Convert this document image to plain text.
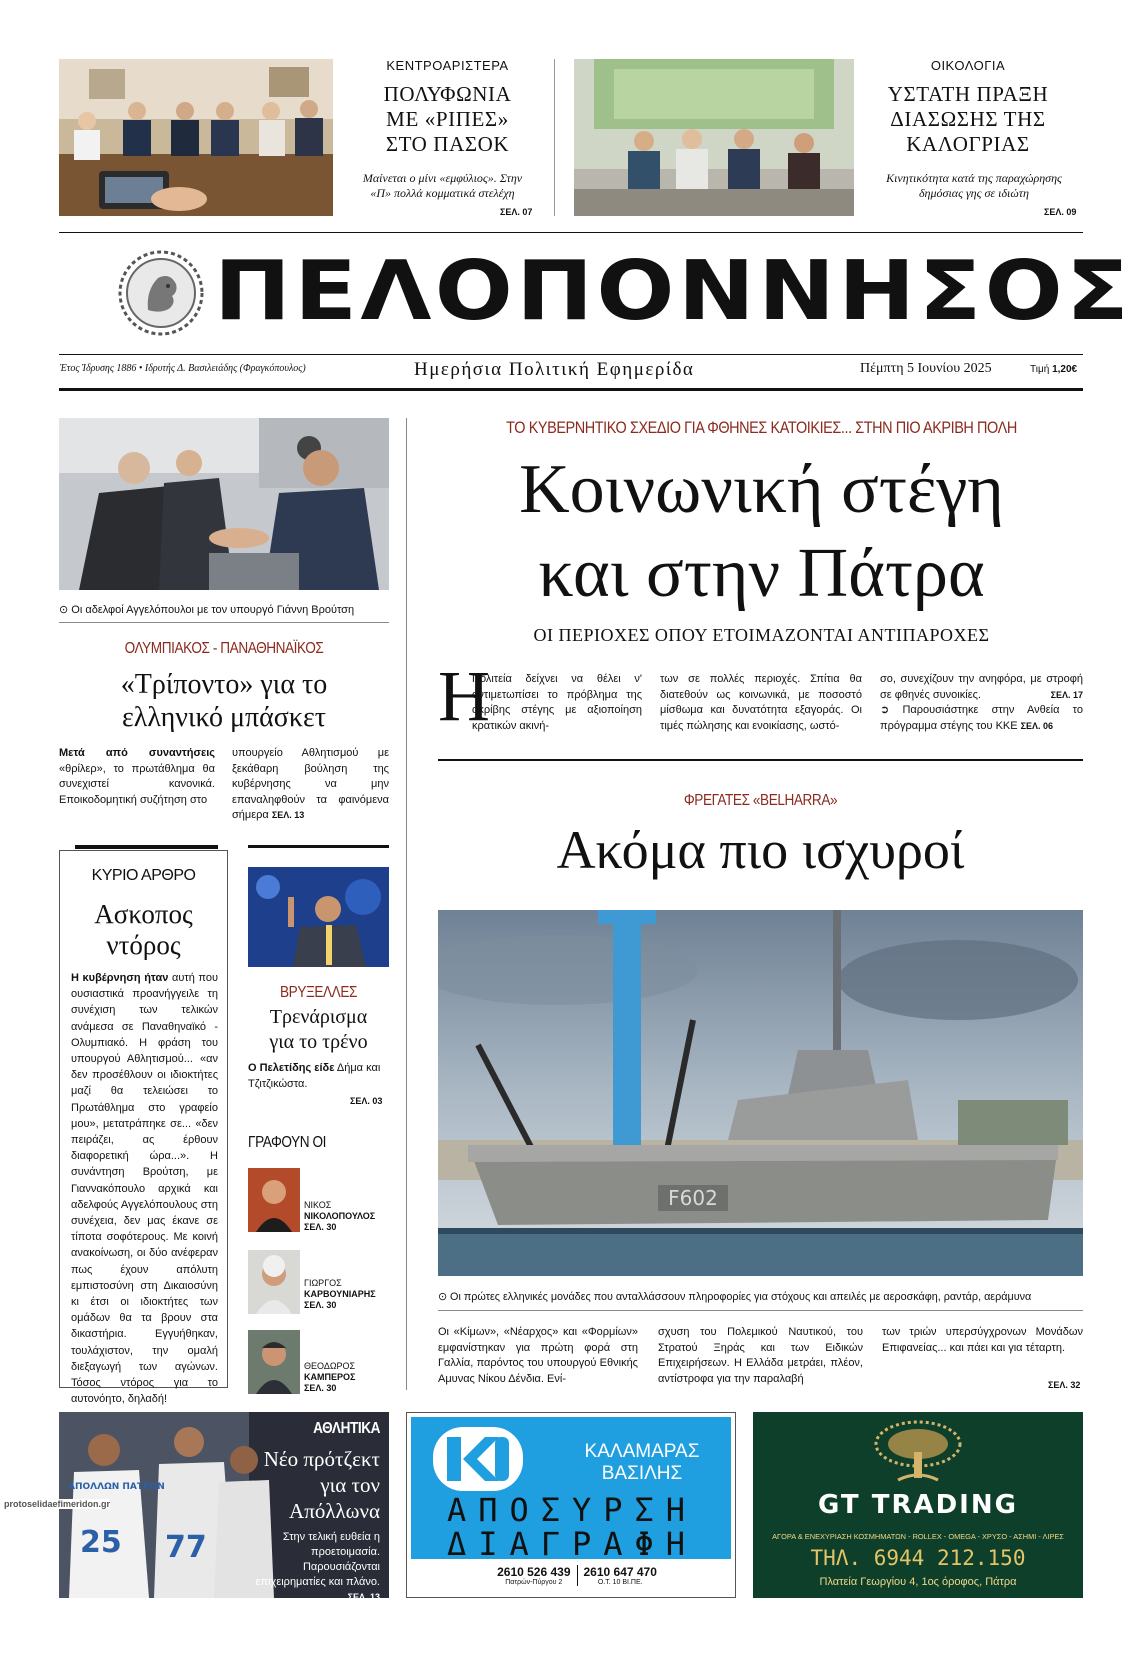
ΚΕΝΤΡΟΑΡΙΣΤΕΡΑ
ΠΟΛΥΦΩΝΙΑ
ΜΕ «ΡΙΠΕΣ»
ΣΤΟ ΠΑΣΟΚ
Μαίνεται ο μίνι «εμφύλιος». Στην
«Π» πολλά κομματικά στελέχη
ΣΕΛ. 07
ΟΙΚΟΛΟΓΙΑ
ΥΣΤΑΤΗ ΠΡΑΞΗ
ΔΙΑΣΩΣΗΣ ΤΗΣ
ΚΑΛΟΓΡΙΑΣ
Κινητικότητα κατά της παραχώρησης
δημόσιας γης σε ιδιώτη
ΣΕΛ. 09
ΠΕΛΟΠΟΝΝΗΣΟΣ
Έτος Ίδρυσης 1886 • Ιδρυτής Δ. Βασιλειάδης (Φραγκόπουλος)	Ημερήσια Πολιτική Εφημερίδα	Πέμπτη 5 Ιουνίου 2025	Τιμή 1,20€
⊙ Οι αδελφοί Αγγελόπουλοι με τον υπουργό Γιάννη Βρούτση
ΟΛΥΜΠΙΑΚΟΣ - ΠΑΝΑΘΗΝΑΪΚΟΣ
«Τρίποντο» για το
ελληνικό μπάσκετ
Μετά από συναντήσεις «θρίλερ», το πρωτάθλημα θα συνεχιστεί κανονικά. Εποικοδομητική συζήτηση στο
υπουργείο Αθλητισμού με ξεκάθαρη βούληση της κυβέρνησης να μην επαναληφθούν τα φαινόμενα σήμερα ΣΕΛ. 13
ΚΥΡΙΟ ΑΡΘΡΟ
Ασκοπος
ντόρος
Η κυβέρνηση ήταν αυτή που ουσιαστικά προανήγγειλε τη συνέχιση των τελικών ανάμεσα σε Παναθηναϊκό - Ολυμπιακό. Η φράση του υπουργού Αθλητισμού... «αν δεν προσέθλουν οι ιδιοκτήτες μαζί θα τελειώσει το Πρωτάθλημα στο γραφείο μου», μετατράπηκε σε... «δεν πειράζει, ας έρθουν διαφορετική ώρα...». Η συνάντηση Βρούτση, με Γιαννακόπουλο αρχικά και αδελφούς Αγγελόπουλους στη συνέχεια, δεν μας έκανε σε τίποτα σοφότερους. Με κοινή ανακοίνωση, οι δύο ανέφεραν πως έχουν απόλυτη εμπιστοσύνη στη Δικαιοσύνη κι έτσι οι ιδιοκτήτες των ομάδων θα τα βρουν στα δικαστήρια. Εγγυήθηκαν, τουλάχιστον, την ομαλή διεξαγωγή των αγώνων. Τόσος ντόρος για το αυτονόητο, δηλαδή!
ΒΡΥΞΕΛΛΕΣ
Τρενάρισμα
για το τρένο
Ο Πελετίδης είδε Δήμα και Τζιτζικώστα.
ΣΕΛ. 03
ΓΡΑΦΟΥΝ ΟΙ
ΝΙΚΟΣ
ΝΙΚΟΛΟΠΟΥΛΟΣ
ΣΕΛ. 30
ΓΙΩΡΓΟΣ
ΚΑΡΒΟΥΝΙΑΡΗΣ
ΣΕΛ. 30
ΘΕΟΔΩΡΟΣ
ΚΑΜΠΕΡΟΣ
ΣΕΛ. 30
ΤΟ ΚΥΒΕΡΝΗΤΙΚΟ ΣΧΕΔΙΟ ΓΙΑ ΦΘΗΝΕΣ ΚΑΤΟΙΚΙΕΣ... ΣΤΗΝ ΠΙΟ ΑΚΡΙΒΗ ΠΟΛΗ
Κοινωνική στέγη
και στην Πάτρα
ΟΙ ΠΕΡΙΟΧΕΣ ΟΠΟΥ ΕΤΟΙΜΑΖΟΝΤΑΙ ΑΝΤΙΠΑΡΟΧΕΣ
Η
Πολιτεία δείχνει να θέλει ν' αντιμετωπίσει το πρόβλημα της ακρίβης στέγης με αξιοποίηση κρατικών ακινή-
των σε πολλές περιοχές. Σπίτια θα διατεθούν ως κοινωνικά, με ποσοστό μίσθωμα και δυνατότητα εξαγοράς. Οι τιμές πώλησης και ενοικίασης, ωστό-
σο, συνεχίζουν την ανηφόρα, με στροφή σε φθηνές συνοικίες.	ΣΕΛ. 17
➲ Παρουσιάστηκε στην Ανθεία το πρόγραμμα στέγης του ΚΚΕ ΣΕΛ. 06
ΦΡΕΓΑΤΕΣ «BELHARRA»
Ακόμα πιο ισχυροί
F602
⊙ Οι πρώτες ελληνικές μονάδες που ανταλλάσσουν πληροφορίες για στόχους και απειλές με αεροσκάφη, ραντάρ, αεράμυνα
Οι «Κίμων», «Νέαρχος» και «Φορμίων» εμφανίστηκαν για πρώτη φορά στη Γαλλία, παρόντος του υπουργού Εθνικής Αμυνας Νίκου Δένδια. Ενί-
σχυση του Πολεμικού Ναυτικού, του Στρατού Ξηράς και των Ειδικών Επιχειρήσεων. Η Ελλάδα μετράει, πλέον, αντίστροφα για την παραλαβή
των τριών υπερσύγχρονων Μονάδων Επιφανείας... και πάει και για τέταρτη.
ΣΕΛ. 32
ΑΠΟΛΛΩΝ ΠΑΤΡΩΝ
25 77
ΑΘΛΗΤΙΚΑ
Νέο πρότζεκτ
για τον
Απόλλωνα
Στην τελική ευθεία η προετοιμασία. Παρουσιάζονται επιχειρηματίες και πλάνο. ΣΕΛ. 13
protoselidaefimeridon.gr
ΚΑΛΑΜΑΡΑΣ
ΒΑΣΙΛΗΣ
ΑΠΟΣΥΡΣΗ
ΔΙΑΓΡΑΦΗ
2610 526 439
Πατρών-Πύργου 2
2610 647 470
Ο.Τ. 10 ΒΙ.ΠΕ.
GT TRADING
ΑΓΟΡΑ & ΕΝΕΧΥΡΙΑΣΗ ΚΟΣΜΗΜΑΤΩΝ - ROLLEX - OMEGA - ΧΡΥΣΟ - ΑΣΗΜΙ - ΛΙΡΕΣ
ΤΗΛ. 6944 212.150
Πλατεία Γεωργίου 4, 1ος όροφος, Πάτρα
